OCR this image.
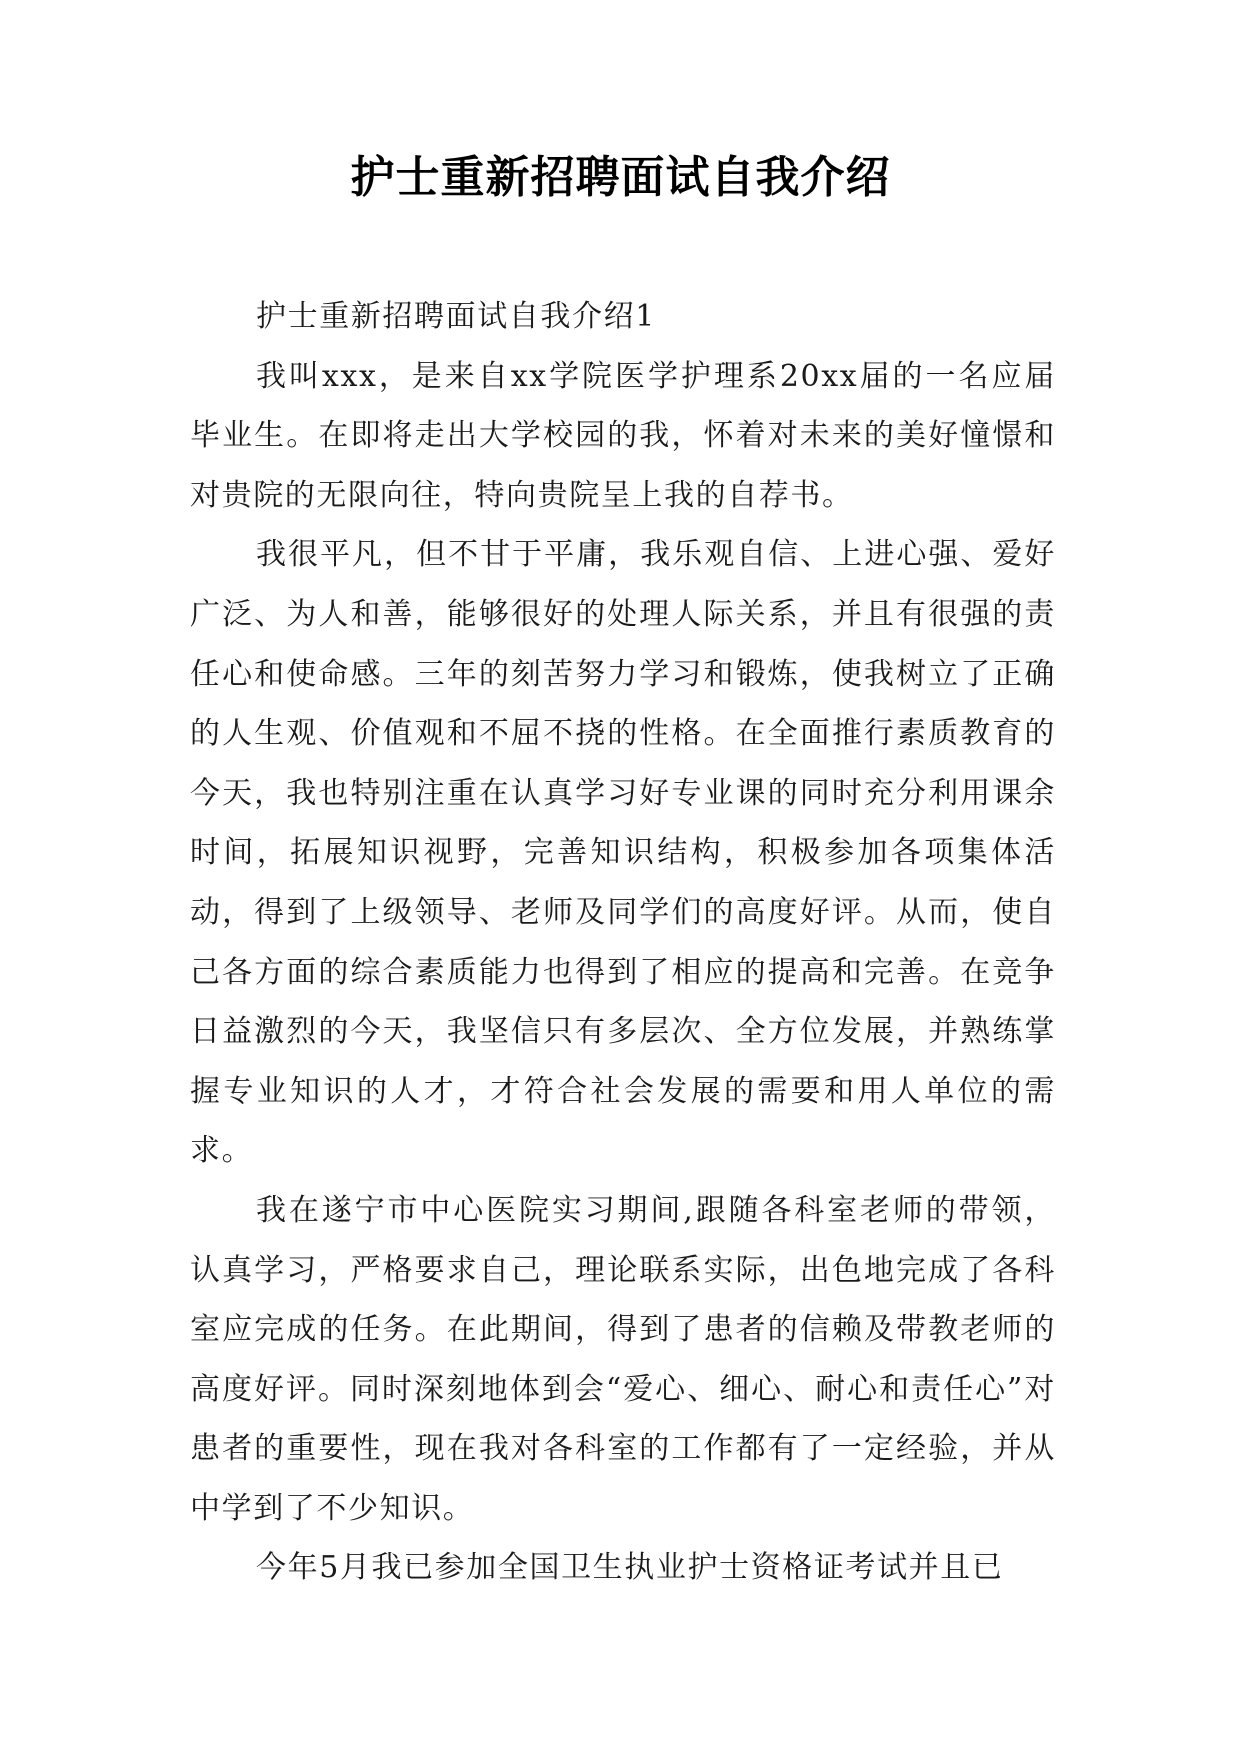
护士重新招聘面试自我介绍

护士重新招聘面试自我介绍1

我叫xxx，是来自xx学院医学护理系20xx届的一名应届毕业生。在即将走出大学校园的我，怀着对未来的美好憧憬和对贵院的无限向往，特向贵院呈上我的自荐书。

我很平凡，但不甘于平庸，我乐观自信、上进心强、爱好广泛、为人和善，能够很好的处理人际关系，并且有很强的责任心和使命感。三年的刻苦努力学习和锻炼，使我树立了正确的人生观、价值观和不屈不挠的性格。在全面推行素质教育的今天，我也特别注重在认真学习好专业课的同时充分利用课余时间，拓展知识视野，完善知识结构，积极参加各项集体活动，得到了上级领导、老师及同学们的高度好评。从而，使自己各方面的综合素质能力也得到了相应的提高和完善。在竞争日益激烈的今天，我坚信只有多层次、全方位发展，并熟练掌握专业知识的人才，才符合社会发展的需要和用人单位的需求。

我在遂宁市中心医院实习期间,跟随各科室老师的带领，认真学习，严格要求自己，理论联系实际，出色地完成了各科室应完成的任务。在此期间，得到了患者的信赖及带教老师的高度好评。同时深刻地体到会“爱心、细心、耐心和责任心”对患者的重要性，现在我对各科室的工作都有了一定经验，并从中学到了不少知识。

今年5月我已参加全国卫生执业护士资格证考试并且已
